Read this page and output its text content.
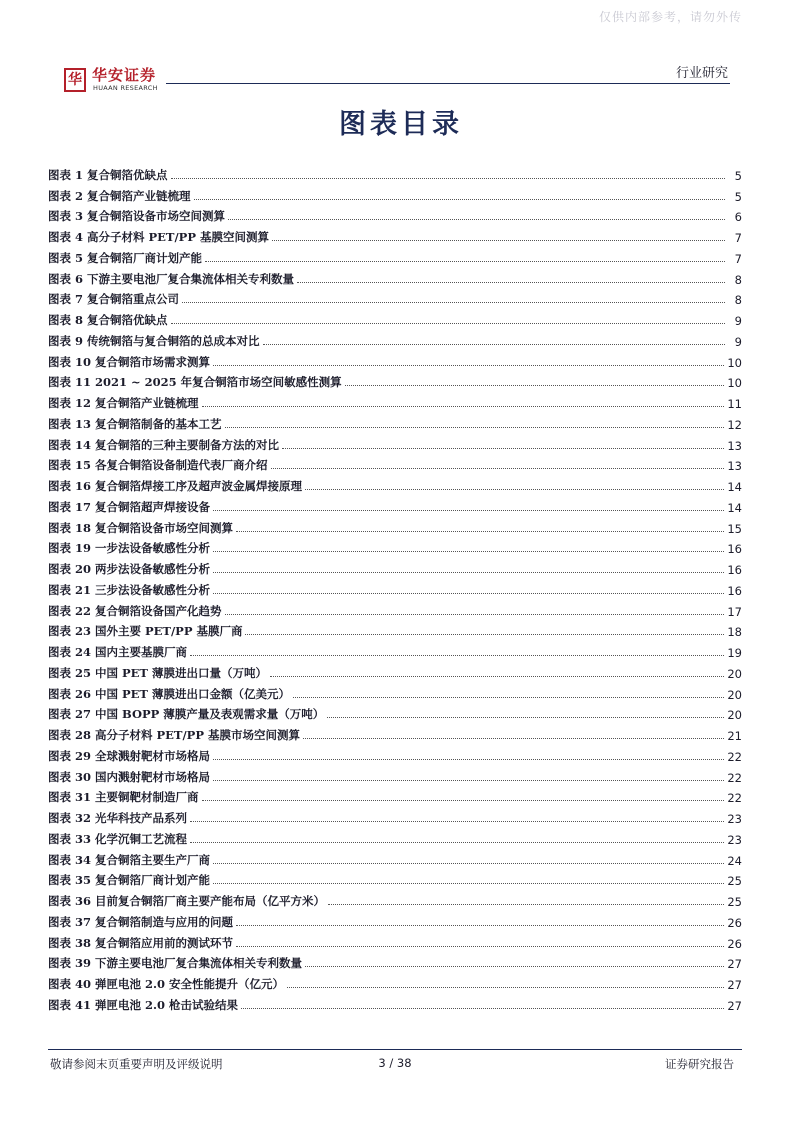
仅供内部参考，请勿外传
华 华安证券
HUAAN RESEARCH
行业研究
图表目录
图表 1 复合铜箔优缺点	5
图表 2 复合铜箔产业链梳理	5
图表 3 复合铜箔设备市场空间测算	6
图表 4 高分子材料 PET/PP 基膜空间测算	7
图表 5 复合铜箔厂商计划产能	7
图表 6 下游主要电池厂复合集流体相关专利数量	8
图表 7 复合铜箔重点公司	8
图表 8 复合铜箔优缺点	9
图表 9 传统铜箔与复合铜箔的总成本对比	9
图表 10 复合铜箔市场需求测算	10
图表 11 2021 ~ 2025 年复合铜箔市场空间敏感性测算	10
图表 12 复合铜箔产业链梳理	11
图表 13 复合铜箔制备的基本工艺	12
图表 14 复合铜箔的三种主要制备方法的对比	13
图表 15 各复合铜箔设备制造代表厂商介绍	13
图表 16 复合铜箔焊接工序及超声波金属焊接原理	14
图表 17 复合铜箔超声焊接设备	14
图表 18 复合铜箔设备市场空间测算	15
图表 19 一步法设备敏感性分析	16
图表 20 两步法设备敏感性分析	16
图表 21 三步法设备敏感性分析	16
图表 22 复合铜箔设备国产化趋势	17
图表 23 国外主要 PET/PP 基膜厂商	18
图表 24 国内主要基膜厂商	19
图表 25 中国 PET 薄膜进出口量（万吨）	20
图表 26 中国 PET 薄膜进出口金额（亿美元）	20
图表 27 中国 BOPP 薄膜产量及表观需求量（万吨）	20
图表 28 高分子材料 PET/PP 基膜市场空间测算	21
图表 29 全球溅射靶材市场格局	22
图表 30 国内溅射靶材市场格局	22
图表 31 主要铜靶材制造厂商	22
图表 32 光华科技产品系列	23
图表 33 化学沉铜工艺流程	23
图表 34 复合铜箔主要生产厂商	24
图表 35 复合铜箔厂商计划产能	25
图表 36 目前复合铜箔厂商主要产能布局（亿平方米）	25
图表 37 复合铜箔制造与应用的问题	26
图表 38 复合铜箔应用前的测试环节	26
图表 39 下游主要电池厂复合集流体相关专利数量	27
图表 40 弹匣电池 2.0 安全性能提升（亿元）	27
图表 41 弹匣电池 2.0 枪击试验结果	27
敬请参阅末页重要声明及评级说明	3 / 38	证券研究报告
